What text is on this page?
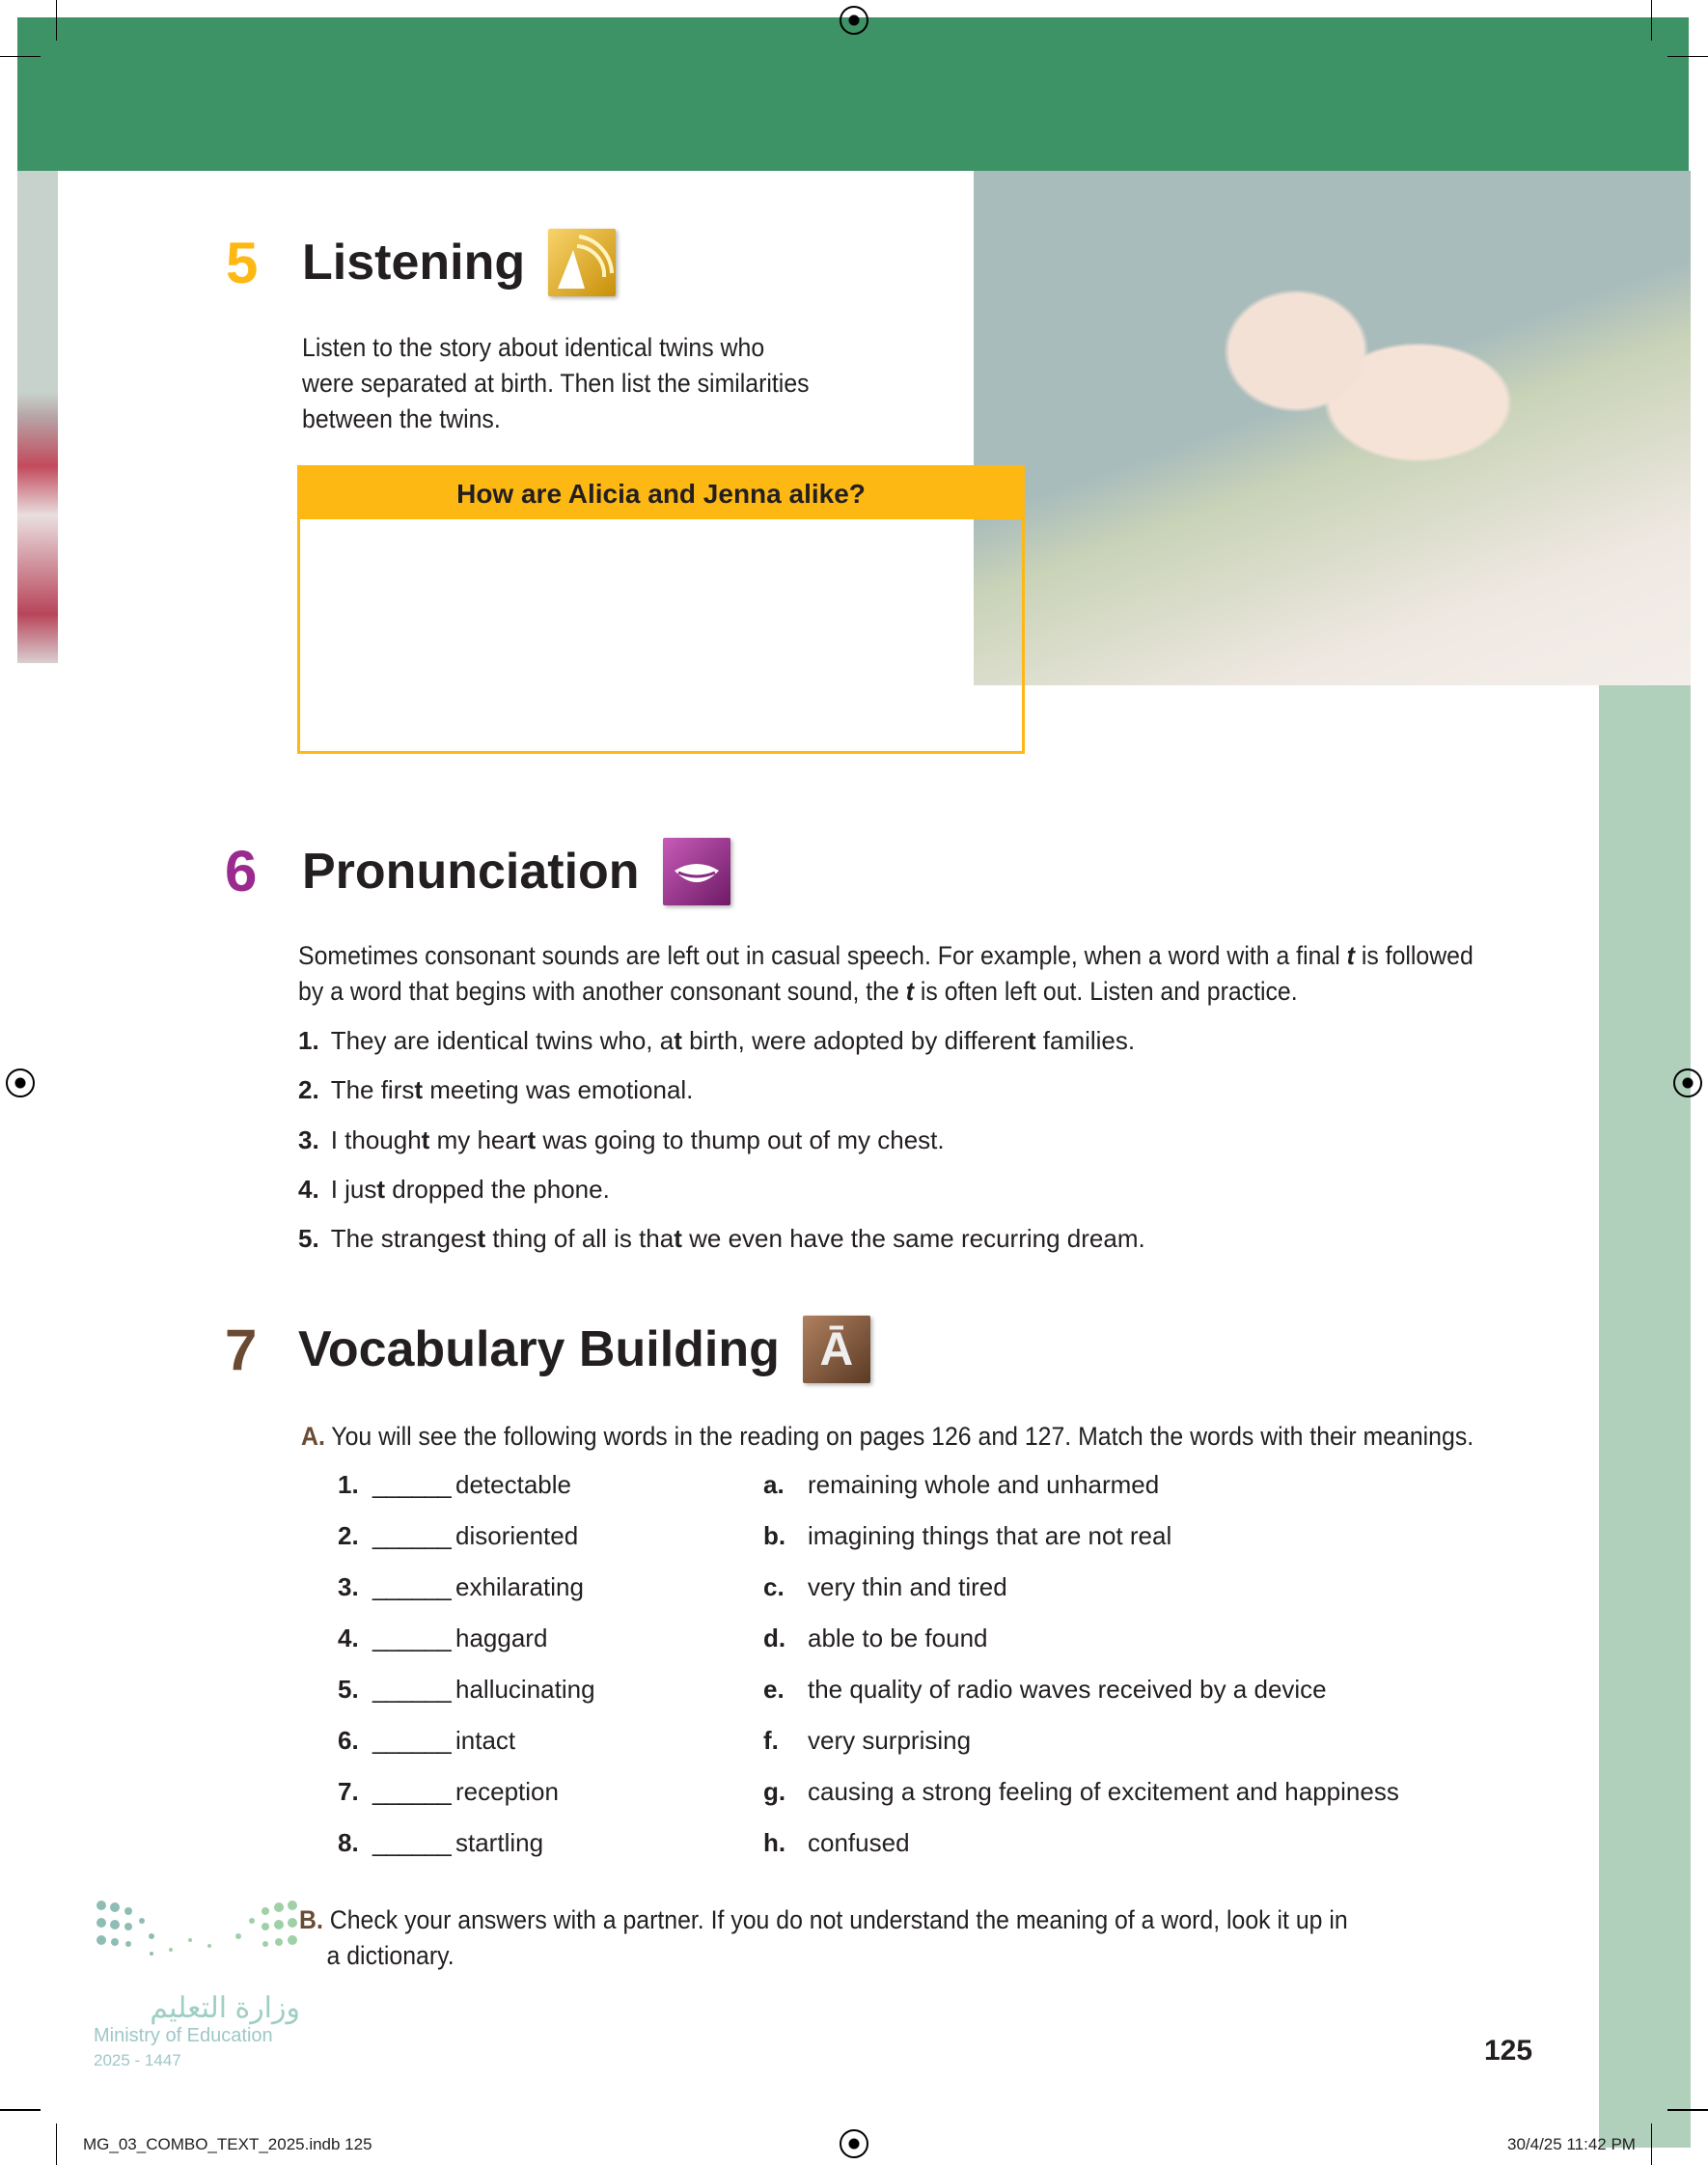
5 Listening
Listen to the story about identical twins who
were separated at birth. Then list the similarities
between the twins.
How are Alicia and Jenna alike?
6 Pronunciation
Sometimes consonant sounds are left out in casual speech. For example, when a word with a final t is followed
by a word that begins with another consonant sound, the t is often left out. Listen and practice.
1. They are identical twins who, at birth, were adopted by different families.
2. The first meeting was emotional.
3. I thought my heart was going to thump out of my chest.
4. I just dropped the phone.
5. The strangest thing of all is that we even have the same recurring dream.
7 Vocabulary Building Ā
A. You will see the following words in the reading on pages 126 and 127. Match the words with their meanings.
1. ______ detectable	a. remaining whole and unharmed
2. ______ disoriented	b. imagining things that are not real
3. ______ exhilarating	c. very thin and tired
4. ______ haggard	d. able to be found
5. ______ hallucinating	e. the quality of radio waves received by a device
6. ______ intact	f. very surprising
7. ______ reception	g. causing a strong feeling of excitement and happiness
8. ______ startling	h. confused
B. Check your answers with a partner. If you do not understand the meaning of a word, look it up in
a dictionary.
وزارة التعليم
Ministry of Education
2025 - 1447	125
MG_03_COMBO_TEXT_2025.indb 125	30/4/25 11:42 PM
